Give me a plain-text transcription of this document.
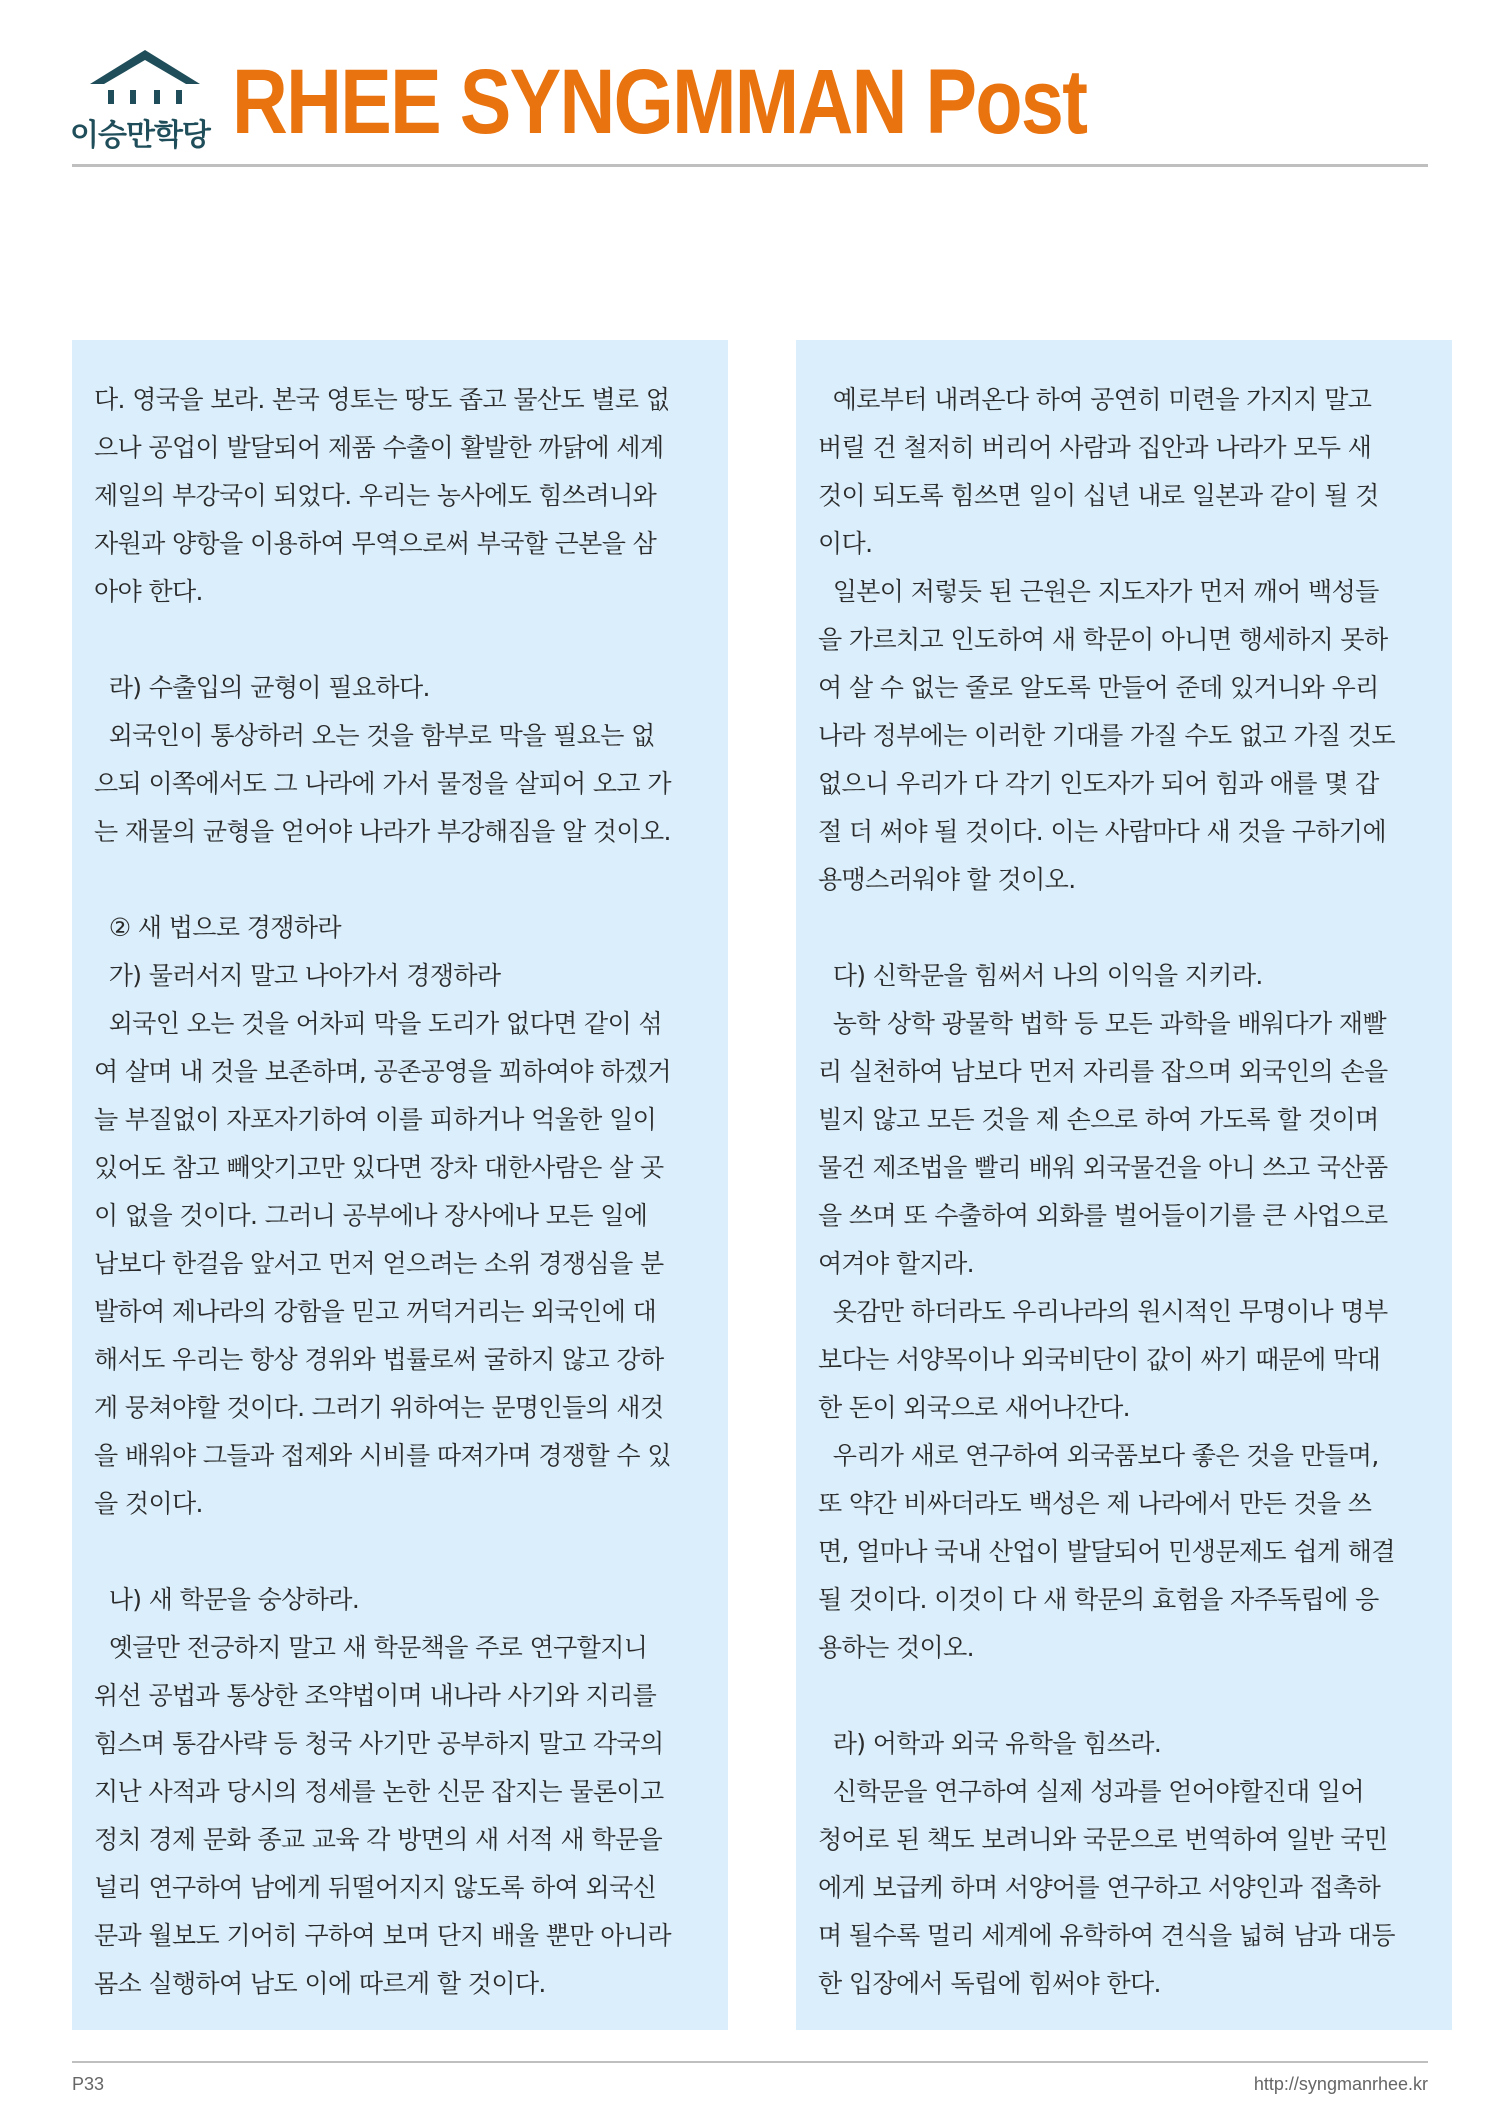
이승만학당 RHEE SYNGMMAN Post
다. 영국을 보라. 본국 영토는 땅도 좁고 물산도 별로 없
으나 공업이 발달되어 제품 수출이 활발한 까닭에 세계
제일의 부강국이 되었다. 우리는 농사에도 힘쓰려니와
자원과 양항을 이용하여 무역으로써 부국할 근본을 삼
아야 한다.
라) 수출입의 균형이 필요하다.
외국인이 통상하러 오는 것을 함부로 막을 필요는 없
으되 이쪽에서도 그 나라에 가서 물정을 살피어 오고 가
는 재물의 균형을 얻어야 나라가 부강해짐을 알 것이오.
② 새 법으로 경쟁하라
가) 물러서지 말고 나아가서 경쟁하라
외국인 오는 것을 어차피 막을 도리가 없다면 같이 섞
여 살며 내 것을 보존하며, 공존공영을 꾀하여야 하겠거
늘 부질없이 자포자기하여 이를 피하거나 억울한 일이
있어도 참고 빼앗기고만 있다면 장차 대한사람은 살 곳
이 없을 것이다. 그러니 공부에나 장사에나 모든 일에
남보다 한걸음 앞서고 먼저 얻으려는 소위 경쟁심을 분
발하여 제나라의 강함을 믿고 꺼덕거리는 외국인에 대
해서도 우리는 항상 경위와 법률로써 굴하지 않고 강하
게 뭉쳐야할 것이다. 그러기 위하여는 문명인들의 새것
을 배워야 그들과 접제와 시비를 따져가며 경쟁할 수 있
을 것이다.
나) 새 학문을 숭상하라.
옛글만 전긍하지 말고 새 학문책을 주로 연구할지니
위선 공법과 통상한 조약법이며 내나라 사기와 지리를
힘스며 통감사략 등 청국 사기만 공부하지 말고 각국의
지난 사적과 당시의 정세를 논한 신문 잡지는 물론이고
정치 경제 문화 종교 교육 각 방면의 새 서적 새 학문을
널리 연구하여 남에게 뒤떨어지지 않도록 하여 외국신
문과 월보도 기어히 구하여 보며 단지 배울 뿐만 아니라
몸소 실행하여 남도 이에 따르게 할 것이다.
예로부터 내려온다 하여 공연히 미련을 가지지 말고
버릴 건 철저히 버리어 사람과 집안과 나라가 모두 새
것이 되도록 힘쓰면 일이 십년 내로 일본과 같이 될 것
이다.
일본이 저렇듯 된 근원은 지도자가 먼저 깨어 백성들
을 가르치고 인도하여 새 학문이 아니면 행세하지 못하
여 살 수 없는 줄로 알도록 만들어 준데 있거니와 우리
나라 정부에는 이러한 기대를 가질 수도 없고 가질 것도
없으니 우리가 다 각기 인도자가 되어 힘과 애를 몇 갑
절 더 써야 될 것이다. 이는 사람마다 새 것을 구하기에
용맹스러워야 할 것이오.
다) 신학문을 힘써서 나의 이익을 지키라.
농학 상학 광물학 법학 등 모든 과학을 배워다가 재빨
리 실천하여 남보다 먼저 자리를 잡으며 외국인의 손을
빌지 않고 모든 것을 제 손으로 하여 가도록 할 것이며
물건 제조법을 빨리 배워 외국물건을 아니 쓰고 국산품
을 쓰며 또 수출하여 외화를 벌어들이기를 큰 사업으로
여겨야 할지라.
옷감만 하더라도 우리나라의 원시적인 무명이나 명부
보다는 서양목이나 외국비단이 값이 싸기 때문에 막대
한 돈이 외국으로 새어나간다.
우리가 새로 연구하여 외국품보다 좋은 것을 만들며,
또 약간 비싸더라도 백성은 제 나라에서 만든 것을 쓰
면, 얼마나 국내 산업이 발달되어 민생문제도 쉽게 해결
될 것이다. 이것이 다 새 학문의 효험을 자주독립에 응
용하는 것이오.
라) 어학과 외국 유학을 힘쓰라.
신학문을 연구하여 실제 성과를 얻어야할진대 일어
청어로 된 책도 보려니와 국문으로 번역하여 일반 국민
에게 보급케 하며 서양어를 연구하고 서양인과 접촉하
며 될수록 멀리 세계에 유학하여 견식을 넓혀 남과 대등
한 입장에서 독립에 힘써야 한다.
P33	http://syngmanrhee.kr
